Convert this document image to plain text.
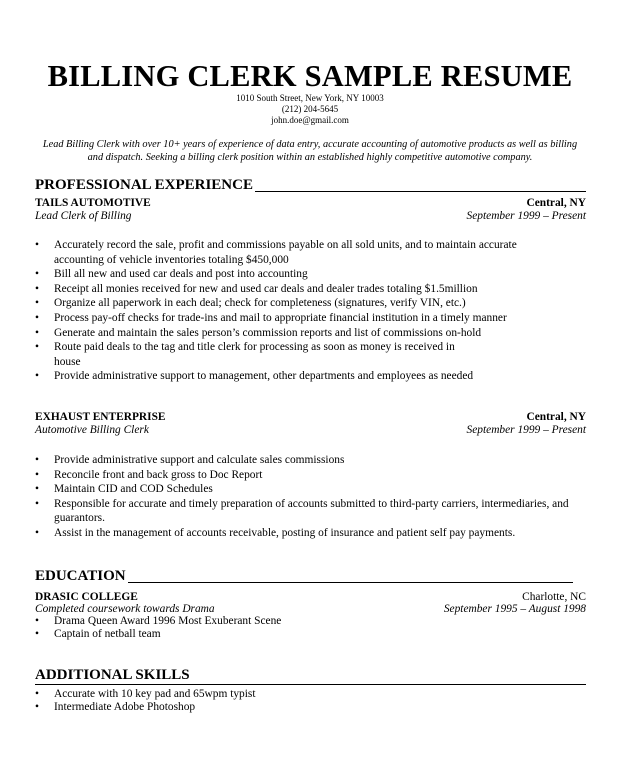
BILLING CLERK SAMPLE RESUME
1010 South Street, New York, NY 10003
(212) 204-5645
john.doe@gmail.com
Lead Billing Clerk with over 10+ years of experience of data entry, accurate accounting of automotive products as well as billing and dispatch. Seeking a billing clerk position within an established highly competitive automotive company.
PROFESSIONAL EXPERIENCE
TAILS AUTOMOTIVE	Central, NY
Lead Clerk of Billing	September 1999 – Present
• Accurately record the sale, profit and commissions payable on all sold units, and to maintain accurate accounting of vehicle inventories totaling $450,000
• Bill all new and used car deals and post into accounting
• Receipt all monies received for new and used car deals and dealer trades totaling $1.5million
• Organize all paperwork in each deal; check for completeness (signatures, verify VIN, etc.)
• Process pay-off checks for trade-ins and mail to appropriate financial institution in a timely manner
• Generate and maintain the sales person’s commission reports and list of commissions on-hold
• Route paid deals to the tag and title clerk for processing as soon as money is received in house
• Provide administrative support to management, other departments and employees as needed
EXHAUST ENTERPRISE	Central, NY
Automotive Billing Clerk	September 1999 – Present
• Provide administrative support and calculate sales commissions
• Reconcile front and back gross to Doc Report
• Maintain CID and COD Schedules
• Responsible for accurate and timely preparation of accounts submitted to third-party carriers, intermediaries, and guarantors.
• Assist in the management of accounts receivable, posting of insurance and patient self pay payments.
EDUCATION
DRASIC COLLEGE	Charlotte, NC
Completed coursework towards Drama	September 1995 – August 1998
• Drama Queen Award 1996 Most Exuberant Scene
• Captain of netball team
ADDITIONAL SKILLS
• Accurate with 10 key pad and 65wpm typist
• Intermediate Adobe Photoshop
